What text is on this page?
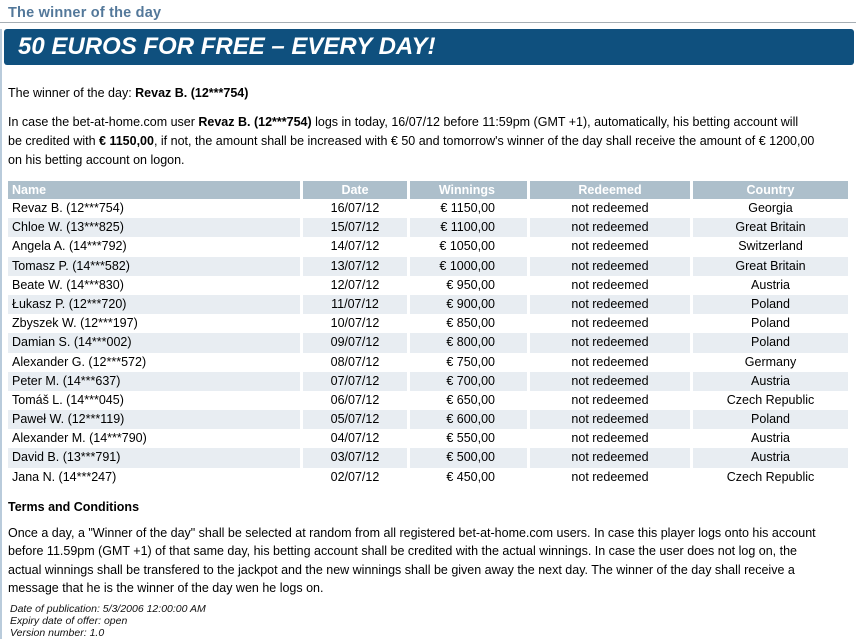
The winner of the day
50 EUROS FOR FREE – EVERY DAY!
The winner of the day: Revaz B. (12***754)
In case the bet-at-home.com user Revaz B. (12***754) logs in today, 16/07/12 before 11:59pm (GMT +1), automatically, his betting account will
be credited with € 1150,00, if not, the amount shall be increased with € 50 and tomorrow's winner of the day shall receive the amount of € 1200,00
on his betting account on logon.
Name	Date	Winnings	Redeemed	Country
Revaz B. (12***754)	16/07/12	€ 1150,00	not redeemed	Georgia
Chloe W. (13***825)	15/07/12	€ 1100,00	not redeemed	Great Britain
Angela A. (14***792)	14/07/12	€ 1050,00	not redeemed	Switzerland
Tomasz P. (14***582)	13/07/12	€ 1000,00	not redeemed	Great Britain
Beate W. (14***830)	12/07/12	€ 950,00	not redeemed	Austria
Łukasz P. (12***720)	11/07/12	€ 900,00	not redeemed	Poland
Zbyszek W. (12***197)	10/07/12	€ 850,00	not redeemed	Poland
Damian S. (14***002)	09/07/12	€ 800,00	not redeemed	Poland
Alexander G. (12***572)	08/07/12	€ 750,00	not redeemed	Germany
Peter M. (14***637)	07/07/12	€ 700,00	not redeemed	Austria
Tomáš L. (14***045)	06/07/12	€ 650,00	not redeemed	Czech Republic
Paweł W. (12***119)	05/07/12	€ 600,00	not redeemed	Poland
Alexander M. (14***790)	04/07/12	€ 550,00	not redeemed	Austria
David B. (13***791)	03/07/12	€ 500,00	not redeemed	Austria
Jana N. (14***247)	02/07/12	€ 450,00	not redeemed	Czech Republic
Terms and Conditions
Once a day, a "Winner of the day" shall be selected at random from all registered bet-at-home.com users. In case this player logs onto his account
before 11.59pm (GMT +1) of that same day, his betting account shall be credited with the actual winnings. In case the user does not log on, the
actual winnings shall be transfered to the jackpot and the new winnings shall be given away the next day. The winner of the day shall receive a
message that he is the winner of the day wen he logs on.
Date of publication: 5/3/2006 12:00:00 AM
Expiry date of offer: open
Version number: 1.0
